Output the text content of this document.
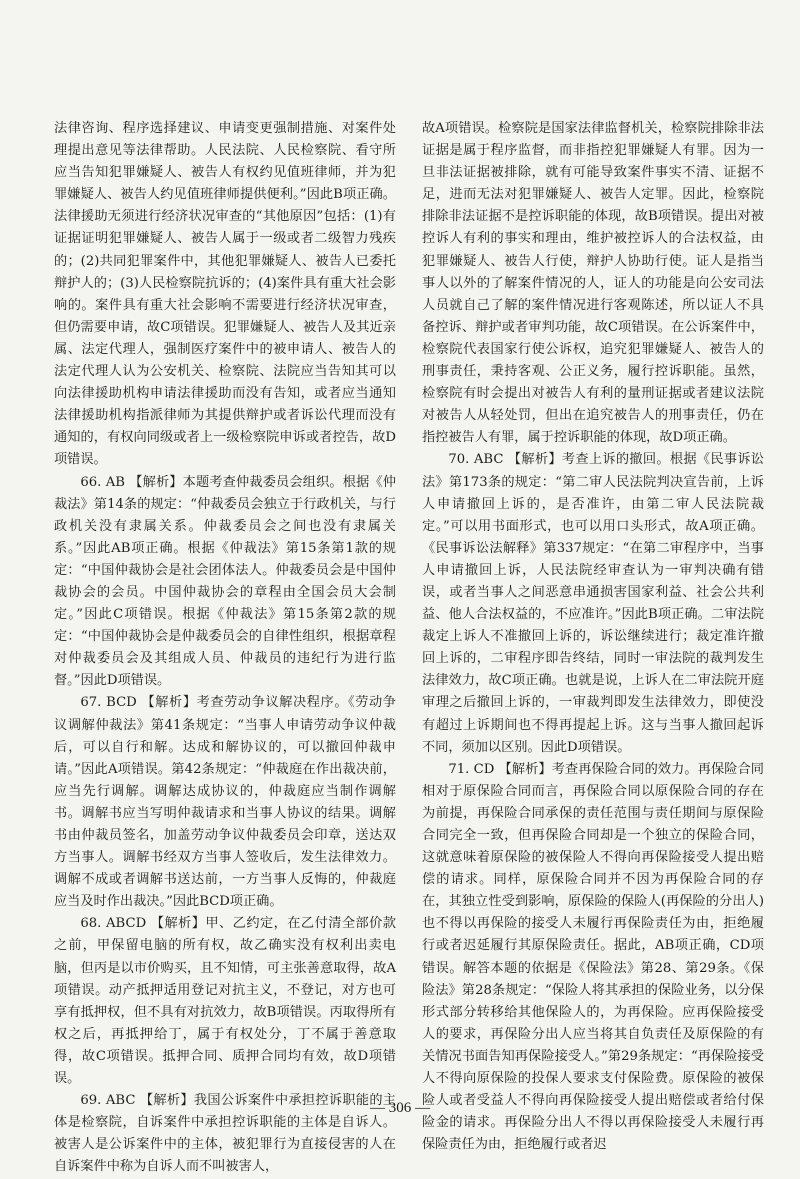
法律咨询、程序选择建议、申请变更强制措施、对案件处理提出意见等法律帮助。人民法院、人民检察院、看守所应当告知犯罪嫌疑人、被告人有权约见值班律师，并为犯罪嫌疑人、被告人约见值班律师提供便利。”因此B项正确。法律援助无须进行经济状况审查的“其他原因”包括：(1)有证据证明犯罪嫌疑人、被告人属于一级或者二级智力残疾的；(2)共同犯罪案件中，其他犯罪嫌疑人、被告人已委托辩护人的；(3)人民检察院抗诉的；(4)案件具有重大社会影响的。案件具有重大社会影响不需要进行经济状况审查，但仍需要申请，故C项错误。犯罪嫌疑人、被告人及其近亲属、法定代理人，强制医疗案件中的被申请人、被告人的法定代理人认为公安机关、检察院、法院应当告知其可以向法律援助机构申请法律援助而没有告知，或者应当通知法律援助机构指派律师为其提供辩护或者诉讼代理而没有通知的，有权向同级或者上一级检察院申诉或者控告，故D项错误。

66. AB 【解析】本题考查仲裁委员会组织。根据《仲裁法》第14条的规定：“仲裁委员会独立于行政机关，与行政机关没有隶属关系。仲裁委员会之间也没有隶属关系。”因此AB项正确。根据《仲裁法》第15条第1款的规定：“中国仲裁协会是社会团体法人。仲裁委员会是中国仲裁协会的会员。中国仲裁协会的章程由全国会员大会制定。”因此C项错误。根据《仲裁法》第15条第2款的规定：“中国仲裁协会是仲裁委员会的自律性组织，根据章程对仲裁委员会及其组成人员、仲裁员的违纪行为进行监督。”因此D项错误。

67. BCD 【解析】考查劳动争议解决程序。《劳动争议调解仲裁法》第41条规定：“当事人申请劳动争议仲裁后，可以自行和解。达成和解协议的，可以撤回仲裁申请。”因此A项错误。第42条规定：“仲裁庭在作出裁决前，应当先行调解。调解达成协议的，仲裁庭应当制作调解书。调解书应当写明仲裁请求和当事人协议的结果。调解书由仲裁员签名，加盖劳动争议仲裁委员会印章，送达双方当事人。调解书经双方当事人签收后，发生法律效力。调解不成或者调解书送达前，一方当事人反悔的，仲裁庭应当及时作出裁决。”因此BCD项正确。

68. ABCD 【解析】甲、乙约定，在乙付清全部价款之前，甲保留电脑的所有权，故乙确实没有权利出卖电脑，但丙是以市价购买，且不知情，可主张善意取得，故A项错误。动产抵押适用登记对抗主义，不登记，对方也可享有抵押权，但不具有对抗效力，故B项错误。丙取得所有权之后，再抵押给丁，属于有权处分，丁不属于善意取得，故C项错误。抵押合同、质押合同均有效，故D项错误。

69. ABC 【解析】我国公诉案件中承担控诉职能的主体是检察院，自诉案件中承担控诉职能的主体是自诉人。被害人是公诉案件中的主体，被犯罪行为直接侵害的人在自诉案件中称为自诉人而不叫被害人，

故A项错误。检察院是国家法律监督机关，检察院排除非法证据是属于程序监督，而非指控犯罪嫌疑人有罪。因为一旦非法证据被排除，就有可能导致案件事实不清、证据不足，进而无法对犯罪嫌疑人、被告人定罪。因此，检察院排除非法证据不是控诉职能的体现，故B项错误。提出对被控诉人有利的事实和理由，维护被控诉人的合法权益，由犯罪嫌疑人、被告人行使，辩护人协助行使。证人是指当事人以外的了解案件情况的人，证人的功能是向公安司法人员就自己了解的案件情况进行客观陈述，所以证人不具备控诉、辩护或者审判功能，故C项错误。在公诉案件中，检察院代表国家行使公诉权，追究犯罪嫌疑人、被告人的刑事责任，秉持客观、公正义务，履行控诉职能。虽然，检察院有时会提出对被告人有利的量刑证据或者建议法院对被告人从轻处罚，但出在追究被告人的刑事责任，仍在指控被告人有罪，属于控诉职能的体现，故D项正确。

70. ABC 【解析】考查上诉的撤回。根据《民事诉讼法》第173条的规定：“第二审人民法院判决宣告前，上诉人申请撤回上诉的，是否准许，由第二审人民法院裁定。”可以用书面形式，也可以用口头形式，故A项正确。《民事诉讼法解释》第337规定：“在第二审程序中，当事人申请撤回上诉，人民法院经审查认为一审判决确有错误，或者当事人之间恶意串通损害国家利益、社会公共利益、他人合法权益的，不应准许。”因此B项正确。二审法院裁定上诉人不准撤回上诉的，诉讼继续进行；裁定准许撤回上诉的，二审程序即告终结，同时一审法院的裁判发生法律效力，故C项正确。也就是说，上诉人在二审法院开庭审理之后撤回上诉的，一审裁判即发生法律效力，即使没有超过上诉期间也不得再提起上诉。这与当事人撤回起诉不同，须加以区别。因此D项错误。

71. CD 【解析】考查再保险合同的效力。再保险合同相对于原保险合同而言，再保险合同以原保险合同的存在为前提，再保险合同承保的责任范围与责任期间与原保险合同完全一致，但再保险合同却是一个独立的保险合同，这就意味着原保险的被保险人不得向再保险接受人提出赔偿的请求。同样，原保险合同并不因为再保险合同的存在，其独立性受到影响，原保险的保险人(再保险的分出人)也不得以再保险的接受人未履行再保险责任为由，拒绝履行或者迟延履行其原保险责任。据此，AB项正确，CD项错误。解答本题的依据是《保险法》第28、第29条。《保险法》第28条规定：“保险人将其承担的保险业务，以分保形式部分转移给其他保险人的，为再保险。应再保险接受人的要求，再保险分出人应当将其自负责任及原保险的有关情况书面告知再保险接受人。”第29条规定：“再保险接受人不得向原保险的投保人要求支付保险费。原保险的被保险人或者受益人不得向再保险接受人提出赔偿或者给付保险金的请求。再保险分出人不得以再保险接受人未履行再保险责任为由，拒绝履行或者迟

— 306 —
